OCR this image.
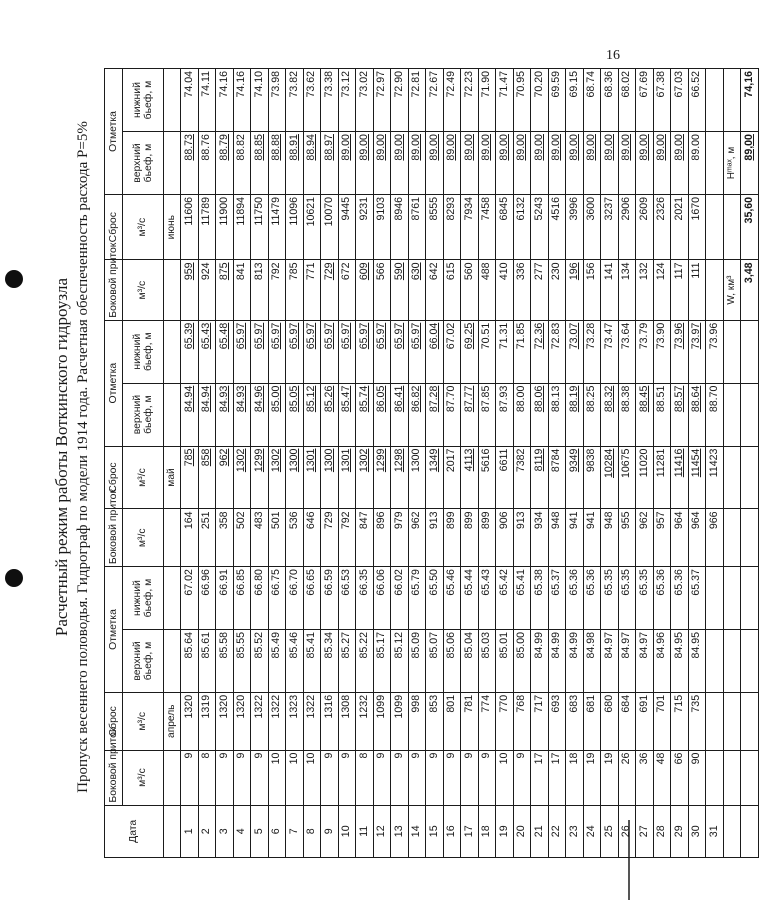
16
Расчетный режим работы Воткинского гидроузла Пропуск весеннего половодья. Гидрограф по модели 1914 года. Расчетная обеспеченность расхода Р=5%
Дата	Боковой приток	Сброс	Отметка		Боковой приток	Сброс	Отметка		Боковой приток	Сброс	Отметка	
			верхний бьеф, м	нижний бьеф, м			верхний бьеф, м	нижний бьеф, м			верхний бьеф, м	нижний бьеф, м
	м³/с	м³/с			м³/с	м³/с			м³/с	м³/с		
		апрель				май				июнь		
1	9	1320	85.64	67.02	164	785	84.94	65.39	959	11606	88.73	74.04
2	8	1319	85.61	66.96	251	858	84.94	65.43	924	11789	88.76	74.11
3	9	1320	85.58	66.91	358	962	84.93	65.48	875	11900	88.79	74.16
4	9	1320	85.55	66.85	502	1302	84.93	65.97	841	11894	88.82	74.16
5	9	1322	85.52	66.80	483	1299	84.96	65.97	813	11750	88.85	74.10
6	10	1322	85.49	66.75	501	1302	85.00	65.97	792	11479	88.88	73.98
7	10	1323	85.46	66.70	536	1300	85.05	65.97	785	11096	88.91	73.82
8	10	1322	85.41	66.65	646	1301	85.12	65.97	771	10621	88.94	73.62
9	9	1316	85.34	66.59	729	1300	85.26	65.97	729	10070	88.97	73.38
10	9	1308	85.27	66.53	792	1301	85.47	65.97	672	9445	89.00	73.12
11	8	1232	85.22	66.35	847	1302	85.74	65.97	609	9231	89.00	73.02
12	9	1099	85.17	66.06	896	1299	86.05	65.97	566	9103	89.00	72.97
13	9	1099	85.12	66.02	979	1298	86.41	65.97	590	8946	89.00	72.90
14	9	998	85.09	65.79	962	1300	86.82	65.97	630	8761	89.00	72.81
15	9	853	85.07	65.50	913	1349	87.28	66.04	642	8555	89.00	72.67
16	9	801	85.06	65.46	899	2017	87.70	67.02	615	8293	89.00	72.49
17	9	781	85.04	65.44	899	4113	87.77	69.25	560	7934	89.00	72.23
18	9	774	85.03	65.43	899	5616	87.85	70.51	488	7458	89.00	71.90
19	10	770	85.01	65.42	906	6611	87.93	71.31	410	6845	89.00	71.47
20	9	768	85.00	65.41	913	7382	88.00	71.85	336	6132	89.00	70.95
21	17	717	84.99	65.38	934	8119	88.06	72.36	277	5243	89.00	70.20
22	17	693	84.99	65.37	948	8784	88.13	72.83	230	4516	89.00	69.59
23	18	683	84.99	65.36	941	9349	88.19	73.07	196	3996	89.00	69.15
24	19	681	84.98	65.36	941	9838	88.25	73.28	156	3600	89.00	68.74
25	19	680	84.97	65.35	948	10284	88.32	73.47	141	3237	89.00	68.36
26	26	684	84.97	65.35	955	10675	88.38	73.64	134	2906	89.00	68.02
27	36	691	84.97	65.35	962	11020	88.45	73.79	132	2609	89.00	67.69
28	48	701	84.96	65.36	957	11281	88.51	73.90	124	2326	89.00	67.38
29	66	715	84.95	65.36	964	11416	88.57	73.96	117	2021	89.00	67.03
30	90	735	84.95	65.37	964	11454	88.64	73.97	111	1670	89.00	66.52
31					966	11423	88.70	73.96				
									W, км³		Hᵐᵃˣ, м	
									3,48	35,60	89,00	74,16
